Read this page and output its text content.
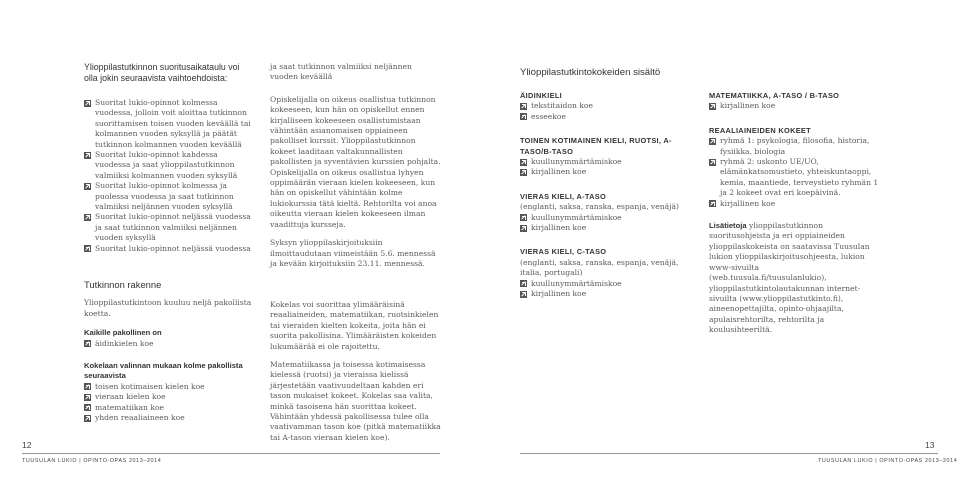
Ylioppilastutkinnon suoritusaikataulu voi olla jokin seuraavista vaihtoehdoista:
Suoritat lukio-opinnot kolmessa vuodessa, jolloin voit aloittaa tutkinnon suorittamisen toisen vuoden keväällä tai kolmannen vuoden syksyllä ja päätät tutkinnon kolmannen vuoden keväällä
Suoritat lukio-opinnot kahdessa vuodessa ja saat ylioppilastutkinnon valmiiksi kolmannen vuoden syksyllä
Suoritat lukio-opinnot kolmessa ja puolessa vuodessa ja saat tutkinnon valmiiksi neljännen vuoden syksyllä
Suoritat lukio-opinnot neljässä vuodessa ja saat tutkinnon valmiiksi neljännen vuoden syksyllä
Suoritat lukio-opinnot neljässä vuodessa
Tutkinnon rakenne
Ylioppilastutkintoon kuuluu neljä pakollista koetta.
Kaikille pakollinen on
äidinkielen koe
Kokelaan valinnan mukaan kolme pakollista seuraavista
toisen kotimaisen kielen koe
vieraan kielen koe
matematiikan koe
yhden reaaliaineen koe
ja saat tutkinnon valmiiksi neljännen vuoden keväällä
Opiskelijalla on oikeus osallistua tutkinnon kokeeseen, kun hän on opiskellut ennen kirjalliseen kokeeseen osallistumistaan vähintään asianomaisen oppiaineen pakolliset kurssit. Ylioppilastutkinnon kokeet laaditaan valtakunnallisten pakollisten ja syventävien kurssien pohjalta. Opiskelijalla on oikeus osallistua lyhyen oppimäärän vieraan kielen kokeeseen, kun hän on opiskellut vähintään kolme lukiokurssia tätä kieltä. Rehtorilta voi anoa oikeutta vieraan kielen kokeeseen ilman vaadittuja kursseja.
Syksyn ylioppilaskirjoituksiin ilmoittaudutaan viimeistään 5.6. mennessä ja kevään kirjoituksiin 23.11. mennessä.
Kokelas voi suorittaa ylimääräisinä reaaliaineiden, matematiikan, ruotsinkielen tai vieraiden kielten kokeita, joita hän ei suorita pakollisina. Ylimääräisten kokeiden lukumäärää ei ole rajoitettu.
Matematiikassa ja toisessa kotimaisessa kielessä (ruotsi) ja vieraissa kielissä järjestetään vaativuudeltaan kahden eri tason mukaiset kokeet. Kokelas saa valita, minkä tasoisena hän suorittaa kokeet. Vähintään yhdessä pakollisessa tulee olla vaativamman tason koe (pitkä matematiikka tai A-tason vieraan kielen koe).
Ylioppilastutkintokokeiden sisältö
ÄIDINKIELI
tekstitaidon koe
esseekoe
TOINEN KOTIMAINEN KIELI, RUOTSI, A-TASO/B-TASO
kuullunymmärtämiskoe
kirjallinen koe
VIERAS KIELI, A-TASO
(englanti, saksa, ranska, espanja, venäjä)
kuullunymmärtämiskoe
kirjallinen koe
VIERAS KIELI, C-TASO
(englanti, saksa, ranska, espanja, venäjä, italia, portugali)
kuullunymmärtämiskoe
kirjallinen koe
MATEMATIIKKA, A-TASO / B-TASO
kirjallinen koe
REAALIAINEIDEN KOKEET
ryhmä 1: psykologia, filosofia, historia, fysiikka, biologia
ryhmä 2: uskonto UE/UO, elämänkatsomustieto, yhteiskuntaoppi, kemia, maantiede, terveystieto ryhmän 1 ja 2 kokeet ovat eri koepäivinä.
kirjallinen koe
Lisätietoja ylioppilastutkinnon suoritusohjeista ja eri oppiaineiden ylioppilaskokeista on saatavissa Tuusulan lukion ylioppilaskirjoitusohjeesta, lukion www-sivuilta (web.tuusula.fi/tuusulanlukio), ylioppilastutkintolautakunnan internet-sivuilta (www.ylioppilastutkinto.fi), aineenopettajilta, opinto-ohjaajilta, apulaisrehtorilta, rehtorilta ja koulusihteeriltä.
12
TUUSULAN LUKIO | OPINTO-OPAS 2013–2014
13
TUUSULAN LUKIO | OPINTO-OPAS 2013–2014
